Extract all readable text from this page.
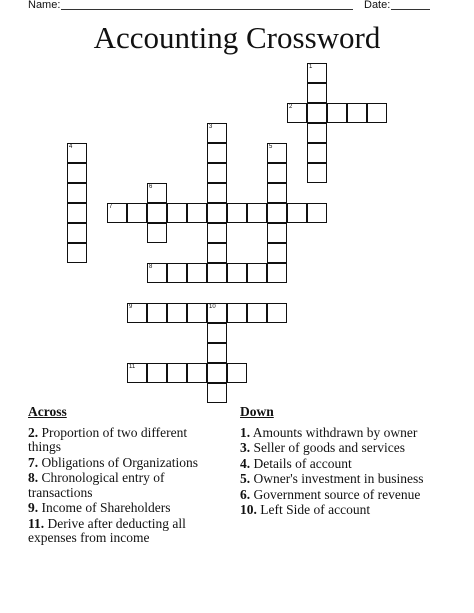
Name:	Date:
Accounting Crossword
1
2
3
4	5
6
7
8
9	10
11
Across
2. Proportion of two different things
7. Obligations of Organizations
8. Chronological entry of transactions
9. Income of Shareholders
11. Derive after deducting all expenses from income
Down
1. Amounts withdrawn by owner
3. Seller of goods and services
4. Details of account
5. Owner's investment in business
6. Government source of revenue
10. Left Side of account
